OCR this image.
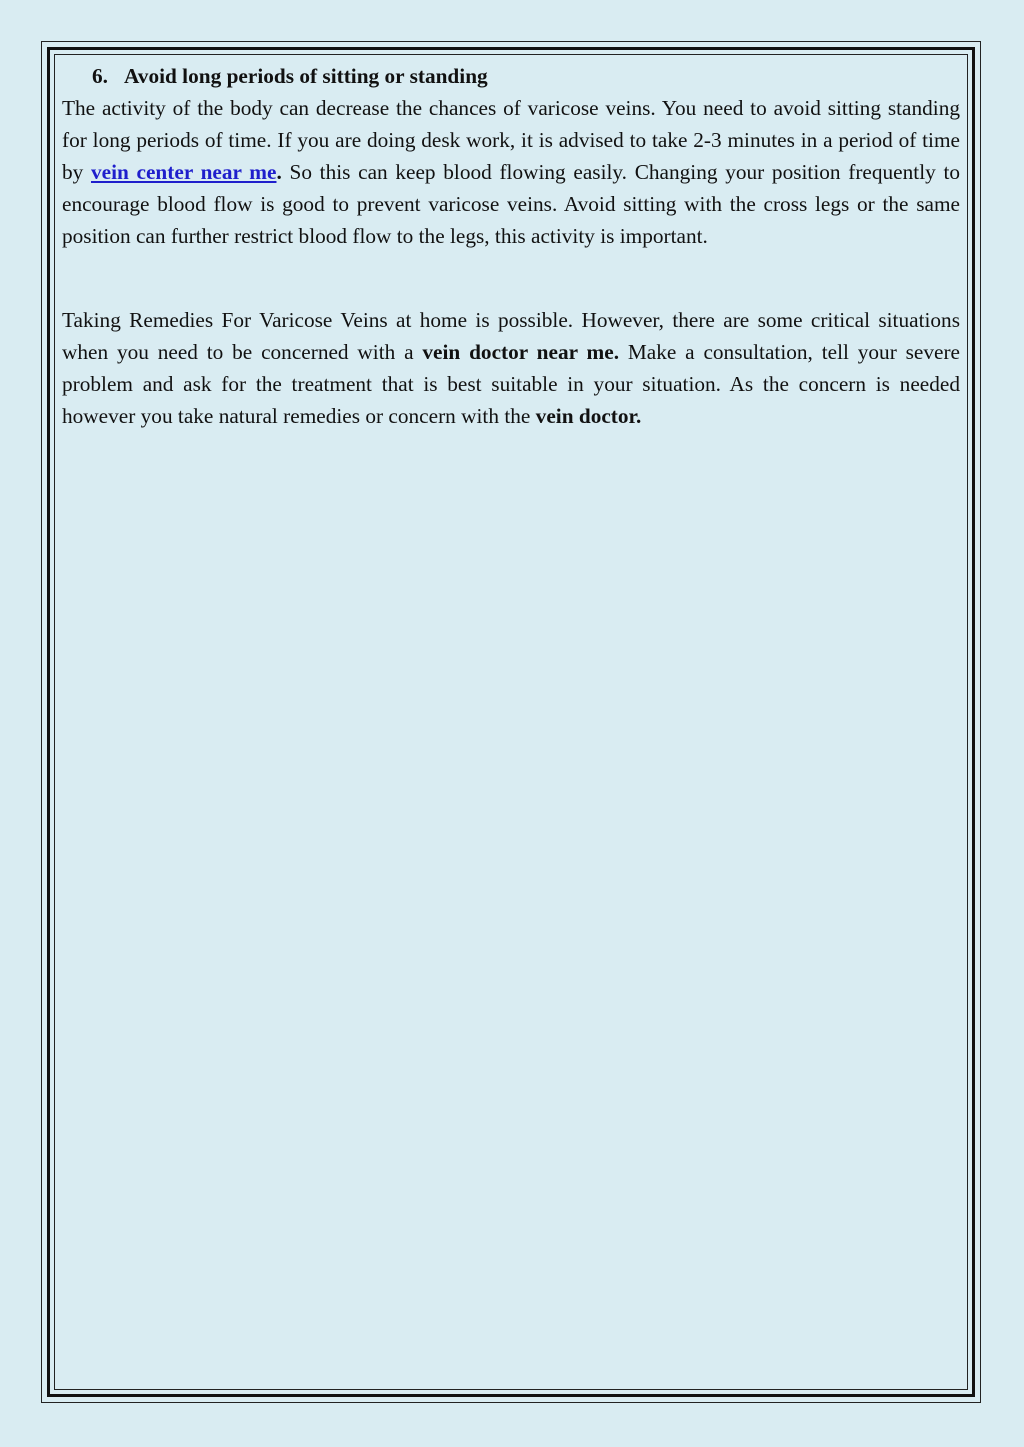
6. Avoid long periods of sitting or standing

The activity of the body can decrease the chances of varicose veins. You need to avoid sitting standing for long periods of time. If you are doing desk work, it is advised to take 2-3 minutes in a period of time by vein center near me. So this can keep blood flowing easily. Changing your position frequently to encourage blood flow is good to prevent varicose veins. Avoid sitting with the cross legs or the same position can further restrict blood flow to the legs, this activity is important.

Taking Remedies For Varicose Veins at home is possible. However, there are some critical situations when you need to be concerned with a vein doctor near me. Make a consultation, tell your severe problem and ask for the treatment that is best suitable in your situation. As the concern is needed however you take natural remedies or concern with the vein doctor.
